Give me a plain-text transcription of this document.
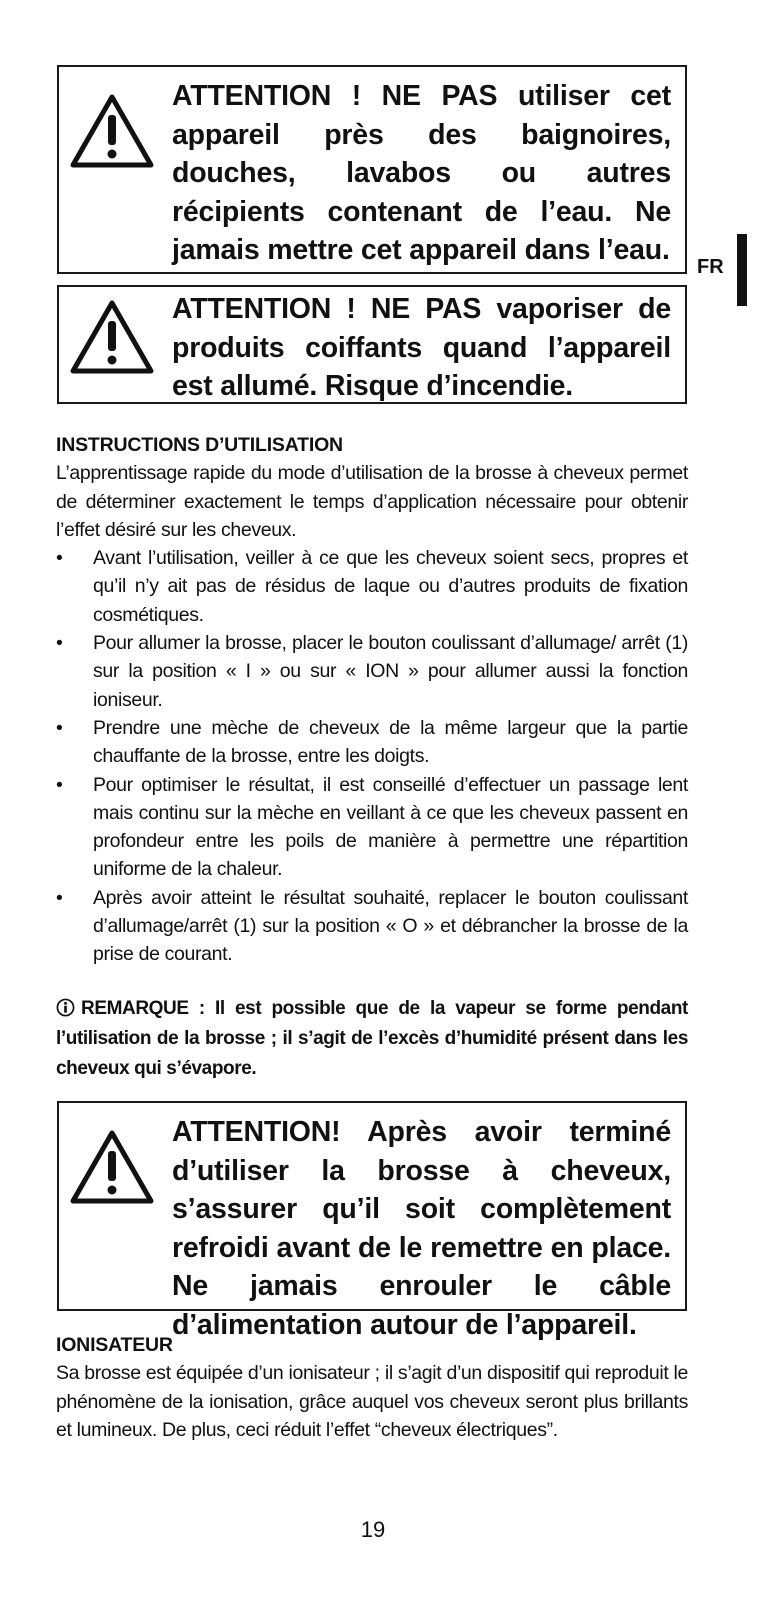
ATTENTION ! NE PAS utiliser cet appareil près des baignoires, douches, lavabos ou autres récipients contenant de l’eau. Ne jamais mettre cet appareil dans l’eau.
ATTENTION ! NE PAS vaporiser de produits coiffants quand l’appareil est allumé. Risque d’incendie.
FR
INSTRUCTIONS D’UTILISATION
L’apprentissage rapide du mode d’utilisation de la brosse à cheveux permet de déterminer exactement le temps d’application nécessaire pour obtenir l’effet désiré sur les cheveux.
• Avant l’utilisation, veiller à ce que les cheveux soient secs, propres et qu’il n’y ait pas de résidus de laque ou d’autres produits de fixation cosmétiques.
• Pour allumer la brosse, placer le bouton coulissant d’allumage/ arrêt (1) sur la position « I » ou sur « ION » pour allumer aussi la fonction ioniseur.
• Prendre une mèche de cheveux de la même largeur que la partie chauffante de la brosse, entre les doigts.
• Pour optimiser le résultat, il est conseillé d’effectuer un passage lent mais continu sur la mèche en veillant à ce que les cheveux passent en profondeur entre les poils de manière à permettre une répartition uniforme de la chaleur.
• Après avoir atteint le résultat souhaité, replacer le bouton coulissant d’allumage/arrêt (1) sur la position « O » et débrancher la brosse de la prise de courant.
REMARQUE : Il est possible que de la vapeur se forme pendant l’utilisation de la brosse ; il s’agit de l’excès d’humidité présent dans les cheveux qui s’évapore.
ATTENTION! Après avoir terminé d’utiliser la brosse à cheveux, s’assurer qu’il soit complètement refroidi avant de le remettre en place. Ne jamais enrouler le câble d’alimentation autour de l’appareil.
IONISATEUR
Sa brosse est équipée d’un ionisateur ; il s’agit d’un dispositif qui reproduit le phénomène de la ionisation, grâce auquel vos cheveux seront plus brillants et lumineux. De plus, ceci réduit l’effet “cheveux électriques”.
19
